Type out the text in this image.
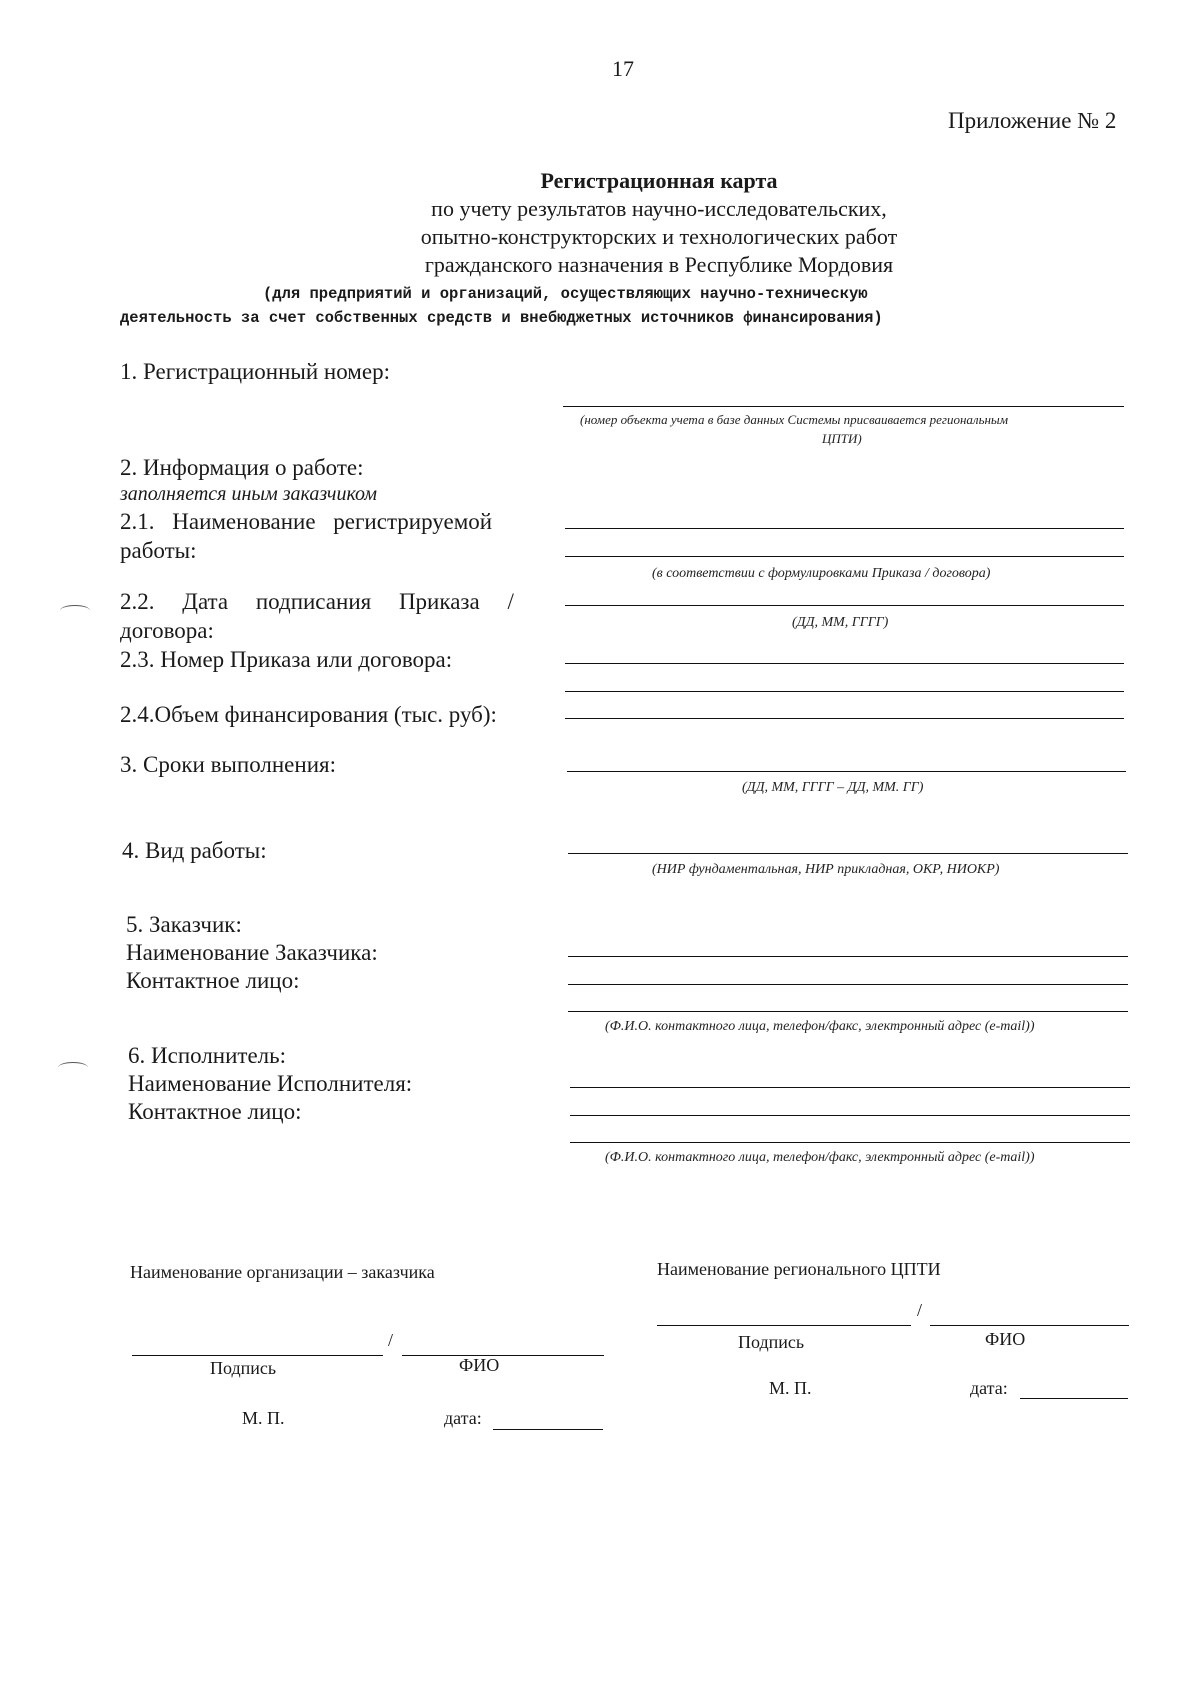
17
Приложение № 2
Регистрационная карта
по учету результатов научно-исследовательских,
опытно-конструкторских и технологических работ
гражданского назначения в Республике Мордовия
(для предприятий и организаций, осуществляющих научно-техническую
деятельность за счет собственных средств и внебюджетных источников финансирования)
1. Регистрационный номер:
(номер объекта учета в базе данных Системы присваивается региональным
ЦПТИ)
2. Информация о работе:
заполняется иным заказчиком
2.1. Наименование регистрируемой
работы:
(в соответствии с формулировками Приказа / договора)
2.2. Дата подписания Приказа /
договора:	(ДД, ММ, ГГГГ)
2.3. Номер Приказа или договора:
2.4.Объем финансирования (тыс. руб):
3. Сроки выполнения:
(ДД, ММ, ГГГГ – ДД, ММ. ГГ)
4. Вид работы:
(НИР фундаментальная, НИР прикладная, ОКР, НИОКР)
5. Заказчик:
Наименование Заказчика:
Контактное лицо:
(Ф.И.О. контактного лица, телефон/факс, электронный адрес (e-mail))
6. Исполнитель:
Наименование Исполнителя:
Контактное лицо:
(Ф.И.О. контактного лица, телефон/факс, электронный адрес (e-mail))
Наименование организации – заказчика
/
Подпись	ФИО
М. П.	дата:
Наименование регионального ЦПТИ
/
Подпись	ФИО
М. П.	дата:
